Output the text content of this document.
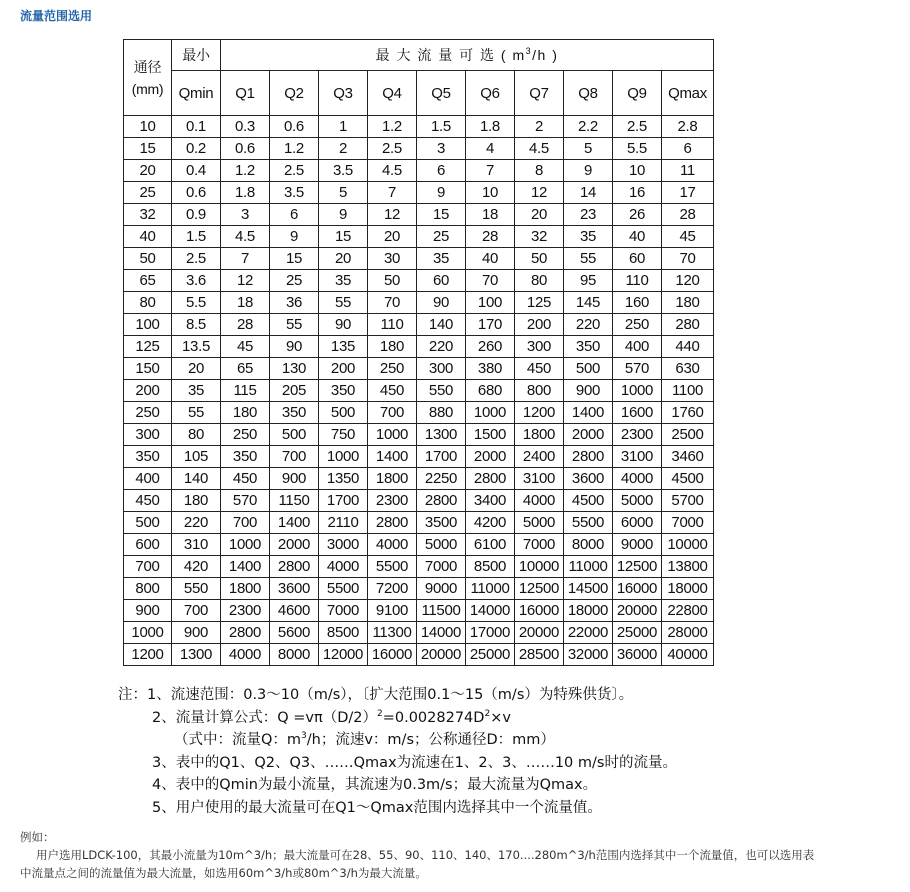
流量范围选用
通径
(mm)	最小	最 大 流 量 可 选 ( $m^3/h$ )									
	Qmin	Q1	Q2	Q3	Q4	Q5	Q6	Q7	Q8	Q9	Qmax
10	0.1	0.3	0.6	1	1.2	1.5	1.8	2	2.2	2.5	2.8
15	0.2	0.6	1.2	2	2.5	3	4	4.5	5	5.5	6
20	0.4	1.2	2.5	3.5	4.5	6	7	8	9	10	11
25	0.6	1.8	3.5	5	7	9	10	12	14	16	17
32	0.9	3	6	9	12	15	18	20	23	26	28
40	1.5	4.5	9	15	20	25	28	32	35	40	45
50	2.5	7	15	20	30	35	40	50	55	60	70
65	3.6	12	25	35	50	60	70	80	95	110	120
80	5.5	18	36	55	70	90	100	125	145	160	180
100	8.5	28	55	90	110	140	170	200	220	250	280
125	13.5	45	90	135	180	220	260	300	350	400	440
150	20	65	130	200	250	300	380	450	500	570	630
200	35	115	205	350	450	550	680	800	900	1000	1100
250	55	180	350	500	700	880	1000	1200	1400	1600	1760
300	80	250	500	750	1000	1300	1500	1800	2000	2300	2500
350	105	350	700	1000	1400	1700	2000	2400	2800	3100	3460
400	140	450	900	1350	1800	2250	2800	3100	3600	4000	4500
450	180	570	1150	1700	2300	2800	3400	4000	4500	5000	5700
500	220	700	1400	2110	2800	3500	4200	5000	5500	6000	7000
600	310	1000	2000	3000	4000	5000	6100	7000	8000	9000	10000
700	420	1400	2800	4000	5500	7000	8500	10000	11000	12500	13800
800	550	1800	3600	5500	7200	9000	11000	12500	14500	16000	18000
900	700	2300	4600	7000	9100	11500	14000	16000	18000	20000	22800
1000	900	2800	5600	8500	11300	14000	17000	20000	22000	25000	28000
1200	1300	4000	8000	12000	16000	20000	25000	28500	32000	36000	40000
注：1、流速范围：0.3～10（m/s），〔扩大范围0.1～15（m/s）为特殊供货〕。
2、流量计算公式：$Q =v\pi(D/2)^2=0.0028274D^2\times v$
（式中：流量Q：$m^3/h$；流速v：m/s；公称通径D：mm）
3、表中的Q1、Q2、Q3、……Qmax为流速在1、2、3、……10 m/s时的流量。
4、表中的Qmin为最小流量，其流速为0.3m/s；最大流量为Qmax。
5、用户使用的最大流量可在Q1～Qmax范围内选择其中一个流量值。
例如：
用户选用LDCK-100，其最小流量为10m^3/h；最大流量可在28、55、90、110、140、170....280m^3/h范围内选择其中一个流量值，也可以选用表
中流量点之间的流量值为最大流量，如选用60m^3/h或80m^3/h为最大流量。
